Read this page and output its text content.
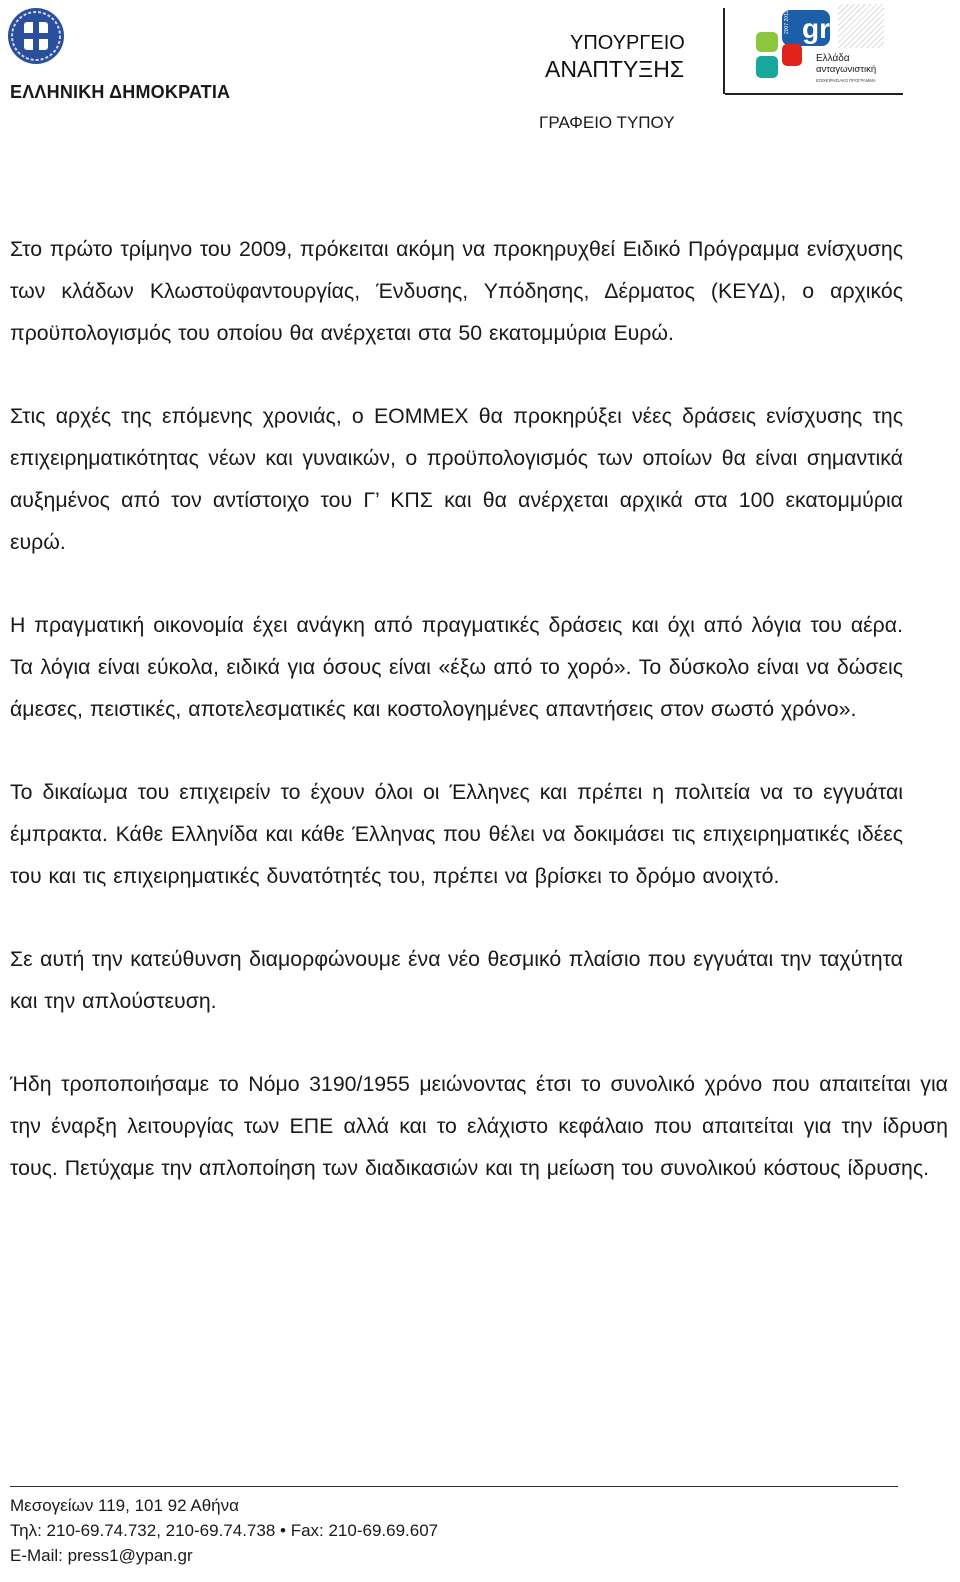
ΕΛΛΗΝΙΚΗ ΔΗΜΟΚΡΑΤΙΑ
ΥΠΟΥΡΓΕΙΟ
ΑΝΑΠΤΥΞΗΣ
ΓΡΑΦΕΙΟ ΤΥΠΟΥ
gr
2007 2013
Ελλάδα
ανταγωνιστική
ΕΠΙΧΕΙΡΗΣΙΑΚΟ ΠΡΟΓΡΑΜΜΑ

Στο πρώτο τρίμηνο του 2009, πρόκειται ακόμη να προκηρυχθεί Ειδικό Πρόγραμμα ενίσχυσης των κλάδων Κλωστοϋφαντουργίας, Ένδυσης, Υπόδησης, Δέρματος (ΚΕΥΔ), ο αρχικός προϋπολογισμός του οποίου θα ανέρχεται στα 50 εκατομμύρια Ευρώ.

Στις αρχές της επόμενης χρονιάς, ο ΕΟΜΜΕΧ θα προκηρύξει νέες δράσεις ενίσχυσης της επιχειρηματικότητας νέων και γυναικών, ο προϋπολογισμός των οποίων θα είναι σημαντικά αυξημένος από τον αντίστοιχο του Γ’ ΚΠΣ και θα ανέρχεται αρχικά στα 100 εκατομμύρια ευρώ.

Η πραγματική οικονομία έχει ανάγκη από πραγματικές δράσεις και όχι από λόγια του αέρα. Τα λόγια είναι εύκολα, ειδικά για όσους είναι «έξω από το χορό». Το δύσκολο είναι να δώσεις άμεσες, πειστικές, αποτελεσματικές και κοστολογημένες απαντήσεις στον σωστό χρόνο».

Το δικαίωμα του επιχειρείν το έχουν όλοι οι Έλληνες και πρέπει η πολιτεία να το εγγυάται έμπρακτα. Κάθε Ελληνίδα και κάθε Έλληνας που θέλει να δοκιμάσει τις επιχειρηματικές ιδέες του και τις επιχειρηματικές δυνατότητές του, πρέπει να βρίσκει το δρόμο ανοιχτό.

Σε αυτή την κατεύθυνση διαμορφώνουμε ένα νέο θεσμικό πλαίσιο που εγγυάται την ταχύτητα και την απλούστευση.

Ήδη τροποποιήσαμε το Νόμο 3190/1955 μειώνοντας έτσι το συνολικό χρόνο που απαιτείται για την έναρξη λειτουργίας των ΕΠΕ αλλά και το ελάχιστο κεφάλαιο που απαιτείται για την ίδρυση τους. Πετύχαμε την απλοποίηση των διαδικασιών και τη μείωση του συνολικού κόστους ίδρυσης.

Μεσογείων 119, 101 92 Αθήνα
Τηλ: 210-69.74.732, 210-69.74.738 • Fax: 210-69.69.607
E-Mail: press1@ypan.gr
